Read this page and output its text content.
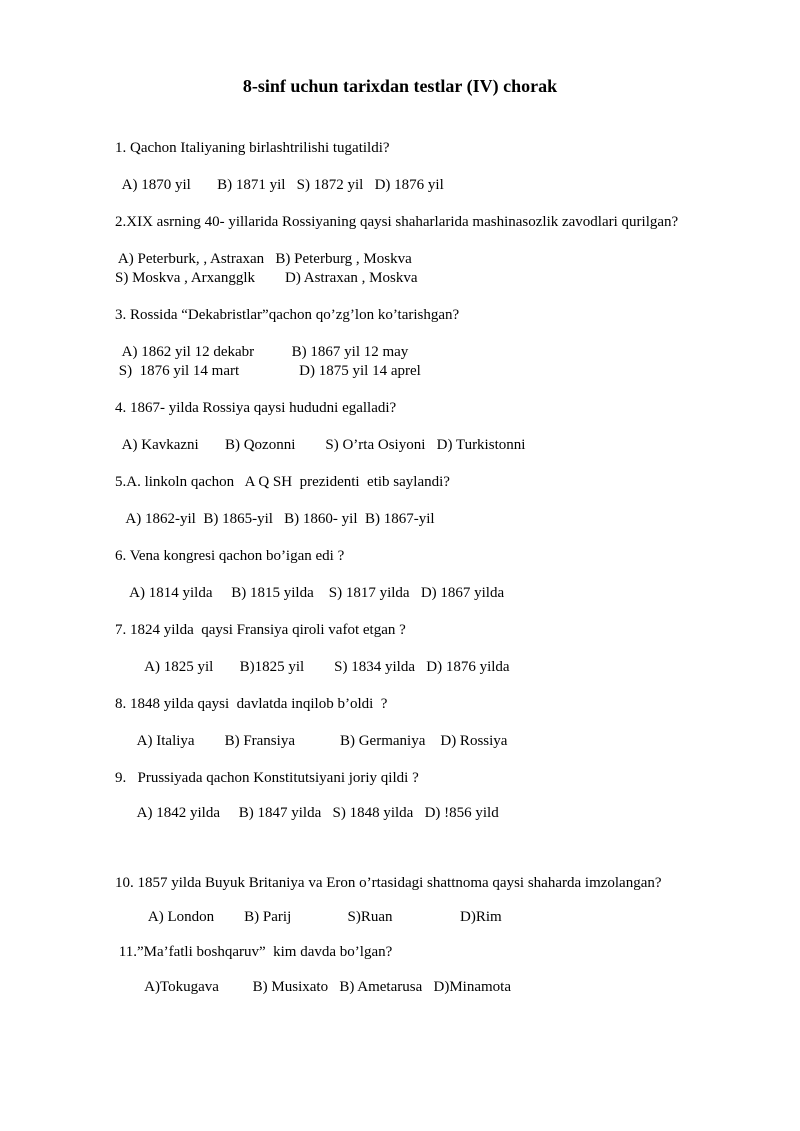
8-sinf uchun tarixdan testlar (IV) chorak
1. Qachon Italiyaning birlashtrilishi tugatildi?
A) 1870 yil       B) 1871 yil   S) 1872 yil   D) 1876 yil
2.XIX asrning 40- yillarida Rossiyaning qaysi shaharlarida mashinasozlik zavodlari qurilgan?
A) Peterburk, , Astraxan   B) Peterburg , Moskva
S) Moskva , Arxangglk        D) Astraxan , Moskva
3. Rossida “Dekabristlar”qachon qo’zg’lon ko’tarishgan?
A) 1862 yil 12 dekabr          B) 1867 yil 12 may
S)  1876 yil 14 mart                D) 1875 yil 14 aprel
4. 1867- yilda Rossiya qaysi hududni egalladi?
A) Kavkazni       B) Qozonni        S) O’rta Osiyoni   D) Turkistonni
5.A. linkoln qachon   A Q SH  prezidenti  etib saylandi?
A) 1862-yil  B) 1865-yil   B) 1860- yil  B) 1867-yil
6. Vena kongresi qachon bo’igan edi ?
A) 1814 yilda     B) 1815 yilda    S) 1817 yilda   D) 1867 yilda
7. 1824 yilda  qaysi Fransiya qiroli vafot etgan ?
A) 1825 yil       B)1825 yil        S) 1834 yilda   D) 1876 yilda
8. 1848 yilda qaysi  davlatda inqilob b’oldi  ?
A) Italiya        B) Fransiya            B) Germaniya    D) Rossiya
9.   Prussiyada qachon Konstitutsiyani joriy qildi ?
A) 1842 yilda     B) 1847 yilda   S) 1848 yilda   D) !856 yild
10. 1857 yilda Buyuk Britaniya va Eron o’rtasidagi shattnoma qaysi shaharda imzolangan?
A) London        B) Parij               S)Ruan                  D)Rim
11.”Ma’fatli boshqaruv”  kim davda bo’lgan?
A)Tokugava         B) Musixato   B) Ametarusa   D)Minamota
